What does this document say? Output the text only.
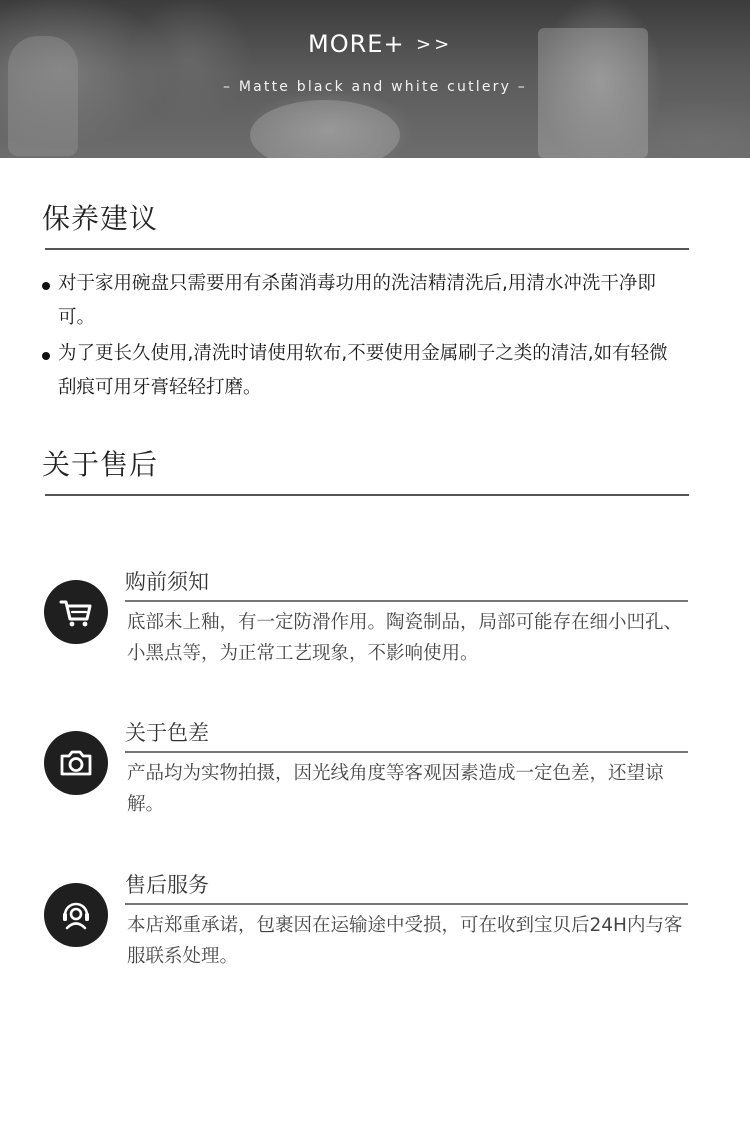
MORE+ >>
– Matte black and white cutlery –
保养建议
对于家用碗盘只需要用有杀菌消毒功用的洗洁精清洗后,用清水冲洗干净即可。
为了更长久使用,清洗时请使用软布,不要使用金属刷子之类的清洁,如有轻微刮痕可用牙膏轻轻打磨。
关于售后
购前须知
底部未上釉，有一定防滑作用。陶瓷制品，局部可能存在细小凹孔、小黑点等，为正常工艺现象，不影响使用。
关于色差
产品均为实物拍摄，因光线角度等客观因素造成一定色差，还望谅解。
售后服务
本店郑重承诺，包裹因在运输途中受损，可在收到宝贝后24H内与客服联系处理。
